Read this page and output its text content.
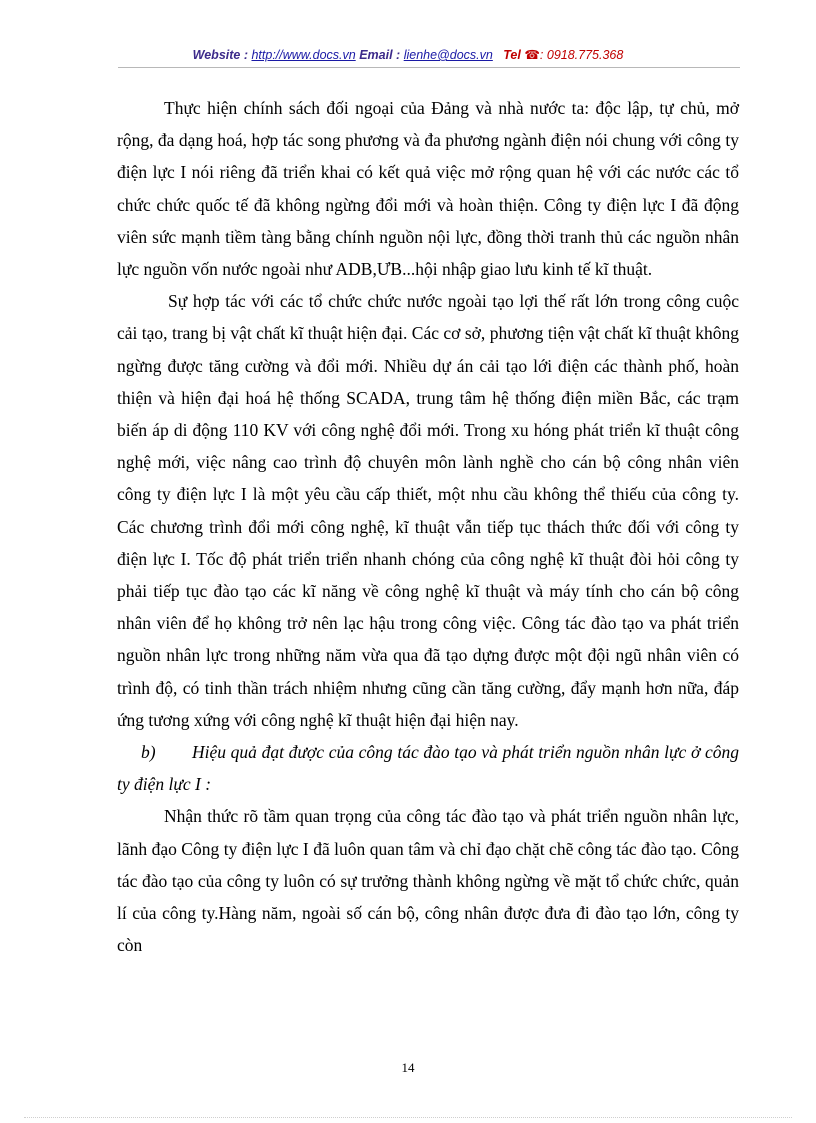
Website : http://www.docs.vn Email : lienhe@docs.vn Tel ☎: 0918.775.368

Thực hiện chính sách đối ngoại của Đảng và nhà nước ta: độc lập, tự chủ, mở rộng, đa dạng hoá, hợp tác song phương và đa phương ngành điện nói chung với công ty điện lực I nói riêng đã triển khai có kết quả việc mở rộng quan hệ với các nước các tổ chức chức quốc tế đã không ngừng đổi mới và hoàn thiện. Công ty điện lực I đã động viên sức mạnh tiềm tàng bằng chính nguồn nội lực, đồng thời tranh thủ các nguồn nhân lực nguồn vốn nước ngoài như ADB,ƯB...hội nhập giao lưu kinh tế kĩ thuật.

Sự hợp tác với các tổ chức chức nước ngoài tạo lợi thế rất lớn trong công cuộc cải tạo, trang bị vật chất kĩ thuật hiện đại. Các cơ sở, phương tiện vật chất kĩ thuật không ngừng được tăng cường và đổi mới. Nhiều dự án cải tạo lới điện các thành phố, hoàn thiện và hiện đại hoá hệ thống SCADA, trung tâm hệ thống điện miền Bắc, các trạm biến áp di động 110 KV với công nghệ đổi mới. Trong xu hóng phát triển kĩ thuật công nghệ mới, việc nâng cao trình độ chuyên môn lành nghề cho cán bộ công nhân viên công ty điện lực I là một yêu cầu cấp thiết, một nhu cầu không thể thiếu của công ty. Các chương trình đổi mới công nghệ, kĩ thuật vẫn tiếp tục thách thức đối với công ty điện lực I. Tốc độ phát triển triển nhanh chóng của công nghệ kĩ thuật đòi hỏi công ty phải tiếp tục đào tạo các kĩ năng về công nghệ kĩ thuật và máy tính cho cán bộ công nhân viên để họ không trở nên lạc hậu trong công việc. Công tác đào tạo va phát triển nguồn nhân lực trong những năm vừa qua đã tạo dựng được một đội ngũ nhân viên có trình độ, có tinh thần trách nhiệm nhưng cũng cần tăng cường, đẩy mạnh hơn nữa, đáp ứng tương xứng với công nghệ kĩ thuật hiện đại hiện nay.

b) Hiệu quả đạt được của công tác đào tạo và phát triển nguồn nhân lực ở công ty điện lực I :

Nhận thức rõ tầm quan trọng của công tác đào tạo và phát triển nguồn nhân lực, lãnh đạo Công ty điện lực I đã luôn quan tâm và chỉ đạo chặt chẽ công tác đào tạo. Công tác đào tạo của công ty luôn có sự trưởng thành không ngừng về mặt tổ chức chức, quản lí của công ty.Hàng năm, ngoài số cán bộ, công nhân được đưa đi đào tạo lớn, công ty còn

14
